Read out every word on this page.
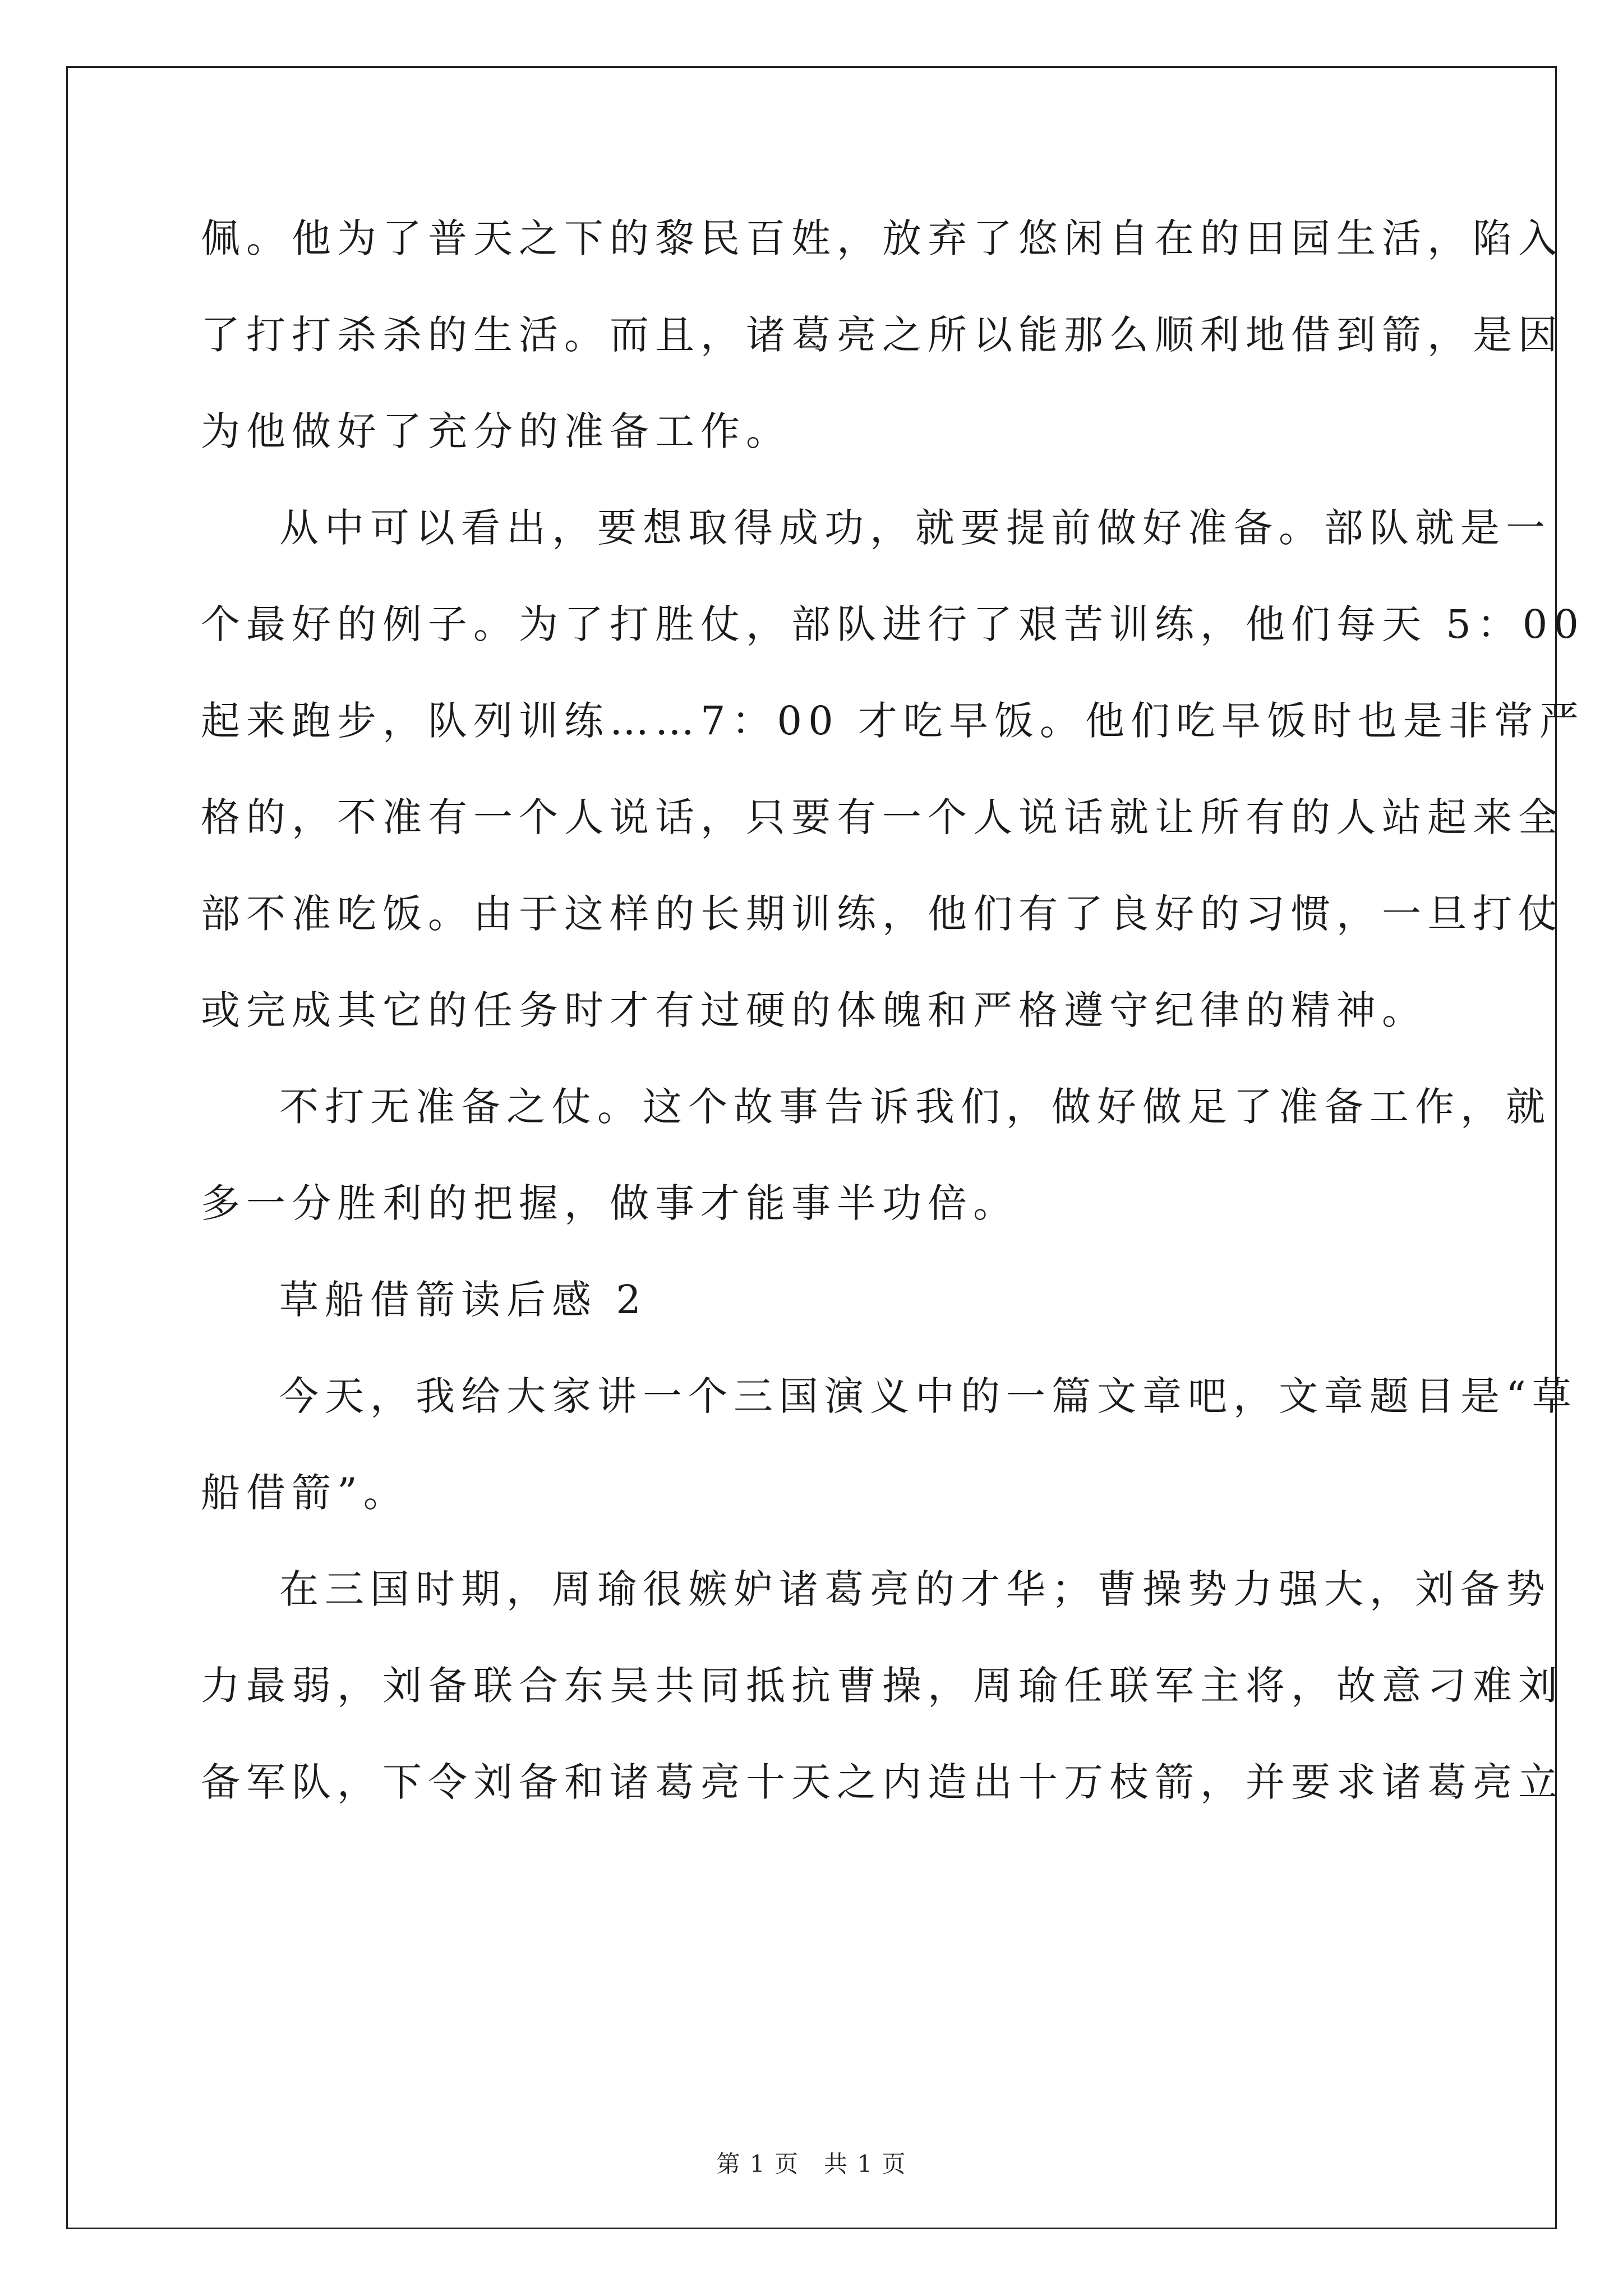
佩。他为了普天之下的黎民百姓，放弃了悠闲自在的田园生活，陷入
了打打杀杀的生活。而且，诸葛亮之所以能那么顺利地借到箭，是因
为他做好了充分的准备工作。
从中可以看出，要想取得成功，就要提前做好准备。部队就是一
个最好的例子。为了打胜仗，部队进行了艰苦训练，他们每天 5：00
起来跑步，队列训练……7：00 才吃早饭。他们吃早饭时也是非常严
格的，不准有一个人说话，只要有一个人说话就让所有的人站起来全
部不准吃饭。由于这样的长期训练，他们有了良好的习惯，一旦打仗
或完成其它的任务时才有过硬的体魄和严格遵守纪律的精神。
不打无准备之仗。这个故事告诉我们，做好做足了准备工作，就
多一分胜利的把握，做事才能事半功倍。
草船借箭读后感 2
今天，我给大家讲一个三国演义中的一篇文章吧，文章题目是“草
船借箭”。
在三国时期，周瑜很嫉妒诸葛亮的才华；曹操势力强大，刘备势
力最弱，刘备联合东吴共同抵抗曹操，周瑜任联军主将，故意刁难刘
备军队，下令刘备和诸葛亮十天之内造出十万枝箭，并要求诸葛亮立
第 1 页　共 1 页
